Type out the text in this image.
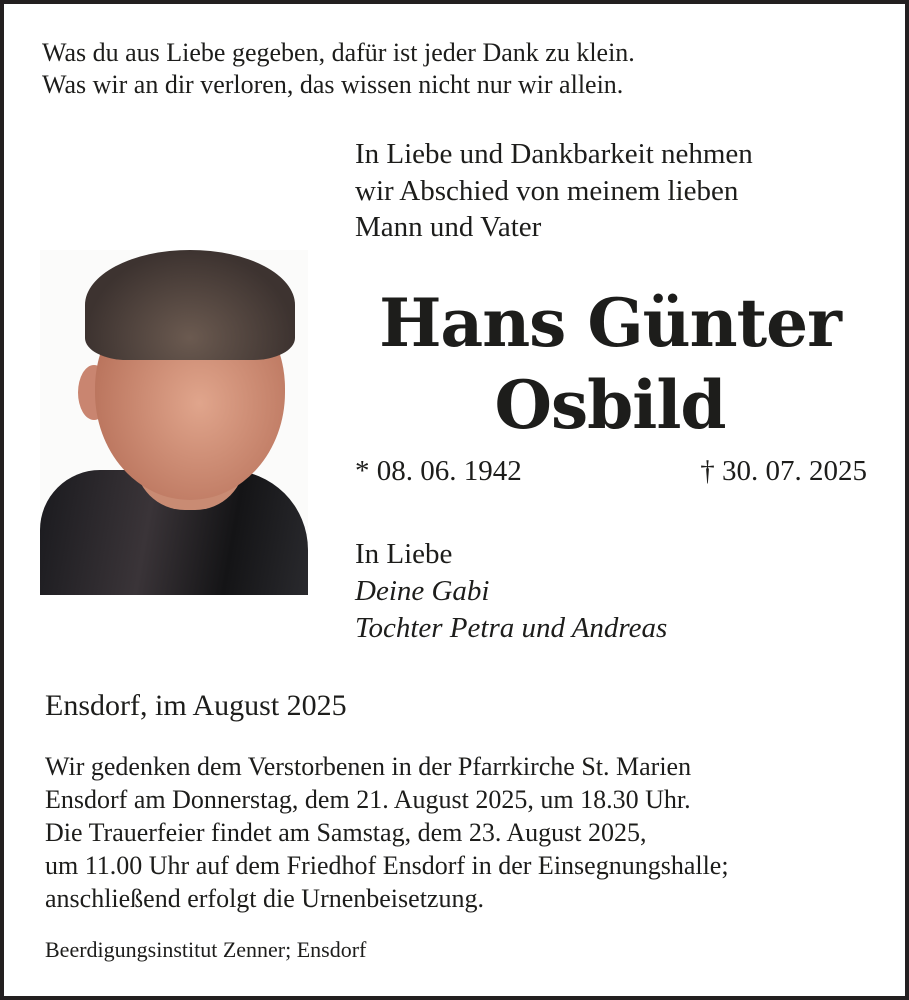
Was du aus Liebe gegeben, dafür ist jeder Dank zu klein.
Was wir an dir verloren, das wissen nicht nur wir allein.
In Liebe und Dankbarkeit nehmen
wir Abschied von meinem lieben
Mann und Vater
Hans Günter
Osbild
* 08. 06. 1942	† 30. 07. 2025
In Liebe
Deine Gabi
Tochter Petra und Andreas
Ensdorf, im August 2025
Wir gedenken dem Verstorbenen in der Pfarrkirche St. Marien
Ensdorf am Donnerstag, dem 21. August 2025, um 18.30 Uhr.
Die Trauerfeier findet am Samstag, dem 23. August 2025,
um 11.00 Uhr auf dem Friedhof Ensdorf in der Einsegnungshalle;
anschließend erfolgt die Urnenbeisetzung.
Beerdigungsinstitut Zenner; Ensdorf
